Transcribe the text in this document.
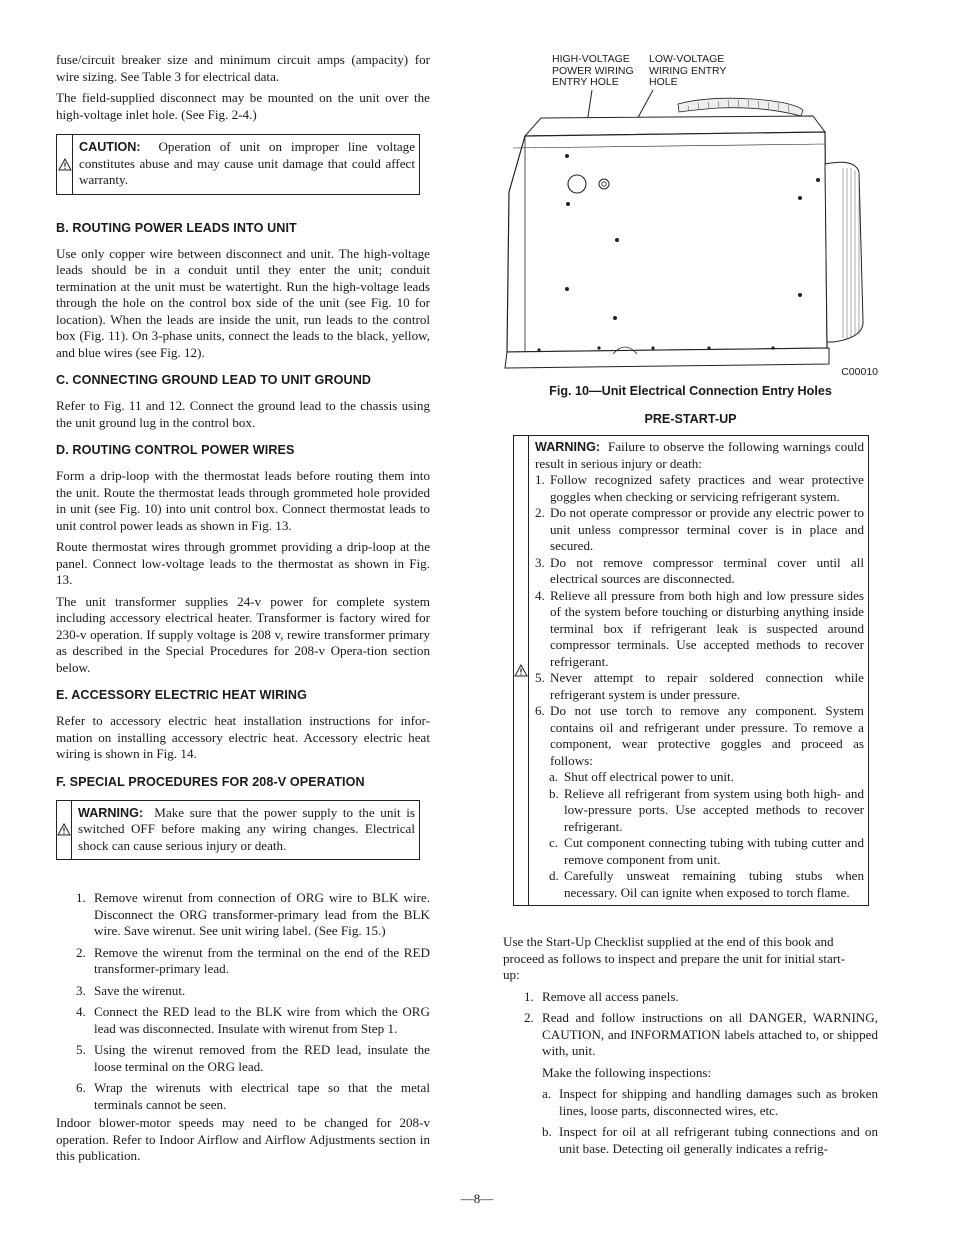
fuse/circuit breaker size and minimum circuit amps (ampacity) for wire sizing. See Table 3 for electrical data.

The field-supplied disconnect may be mounted on the unit over the high-voltage inlet hole. (See Fig. 2-4.)

CAUTION: Operation of unit on improper line voltage constitutes abuse and may cause unit damage that could affect warranty.
B. ROUTING POWER LEADS INTO UNIT

Use only copper wire between disconnect and unit. The high-voltage leads should be in a conduit until they enter the unit; conduit termination at the unit must be watertight. Run the high-voltage leads through the hole on the control box side of the unit (see Fig. 10 for location). When the leads are inside the unit, run leads to the control box (Fig. 11). On 3-phase units, connect the leads to the black, yellow, and blue wires (see Fig. 12).

C. CONNECTING GROUND LEAD TO UNIT GROUND

Refer to Fig. 11 and 12. Connect the ground lead to the chassis using the unit ground lug in the control box.

D. ROUTING CONTROL POWER WIRES

Form a drip-loop with the thermostat leads before routing them into the unit. Route the thermostat leads through grommeted hole provided in unit (see Fig. 10) into unit control box. Connect thermostat leads to unit control power leads as shown in Fig. 13.

Route thermostat wires through grommet providing a drip-loop at the panel. Connect low-voltage leads to the thermostat as shown in Fig. 13.

The unit transformer supplies 24-v power for complete system including accessory electrical heater. Transformer is factory wired for 230-v operation. If supply voltage is 208 v, rewire transformer primary as described in the Special Procedures for 208-v Opera-tion section below.

E. ACCESSORY ELECTRIC HEAT WIRING

Refer to accessory electric heat installation instructions for infor-mation on installing accessory electric heat. Accessory electric heat wiring is shown in Fig. 14.

F. SPECIAL PROCEDURES FOR 208-V OPERATION
WARNING: Make sure that the power supply to the unit is switched OFF before making any wiring changes. Electrical shock can cause serious injury or death.
1. Remove wirenut from connection of ORG wire to BLK wire. Disconnect the ORG transformer-primary lead from the BLK wire. Save wirenut. See unit wiring label. (See Fig. 15.)
2. Remove the wirenut from the terminal on the end of the RED transformer-primary lead.
3. Save the wirenut.
4. Connect the RED lead to the BLK wire from which the ORG lead was disconnected. Insulate with wirenut from Step 1.
5. Using the wirenut removed from the RED lead, insulate the loose terminal on the ORG lead.
6. Wrap the wirenuts with electrical tape so that the metal terminals cannot be seen.

Indoor blower-motor speeds may need to be changed for 208-v operation. Refer to Indoor Airflow and Airflow Adjustments section in this publication.

HIGH-VOLTAGE
POWER WIRING
ENTRY HOLE
LOW-VOLTAGE
WIRING ENTRY
HOLE
C00010
Fig. 10—Unit Electrical Connection Entry Holes
PRE-START-UP
WARNING: Failure to observe the following warnings could result in serious injury or death:
1. Follow recognized safety practices and wear protective goggles when checking or servicing refrigerant system.
2. Do not operate compressor or provide any electric power to unit unless compressor terminal cover is in place and secured.
3. Do not remove compressor terminal cover until all electrical sources are disconnected.
4. Relieve all pressure from both high and low pressure sides of the system before touching or disturbing anything inside terminal box if refrigerant leak is suspected around compressor terminals. Use accepted methods to recover refrigerant.
5. Never attempt to repair soldered connection while refrigerant system is under pressure.
6. Do not use torch to remove any component. System contains oil and refrigerant under pressure. To remove a component, wear protective goggles and proceed as follows:
a. Shut off electrical power to unit.
b. Relieve all refrigerant from system using both high- and low-pressure ports. Use accepted methods to recover refrigerant.
c. Cut component connecting tubing with tubing cutter and remove component from unit.
d. Carefully unsweat remaining tubing stubs when necessary. Oil can ignite when exposed to torch flame.

Use the Start-Up Checklist supplied at the end of this book and proceed as follows to inspect and prepare the unit for initial start-up:

1. Remove all access panels.
2. Read and follow instructions on all DANGER, WARNING, CAUTION, and INFORMATION labels attached to, or shipped with, unit.

Make the following inspections:

a. Inspect for shipping and handling damages such as broken lines, loose parts, disconnected wires, etc.
b. Inspect for oil at all refrigerant tubing connections and on unit base. Detecting oil generally indicates a refrig-
—8—
